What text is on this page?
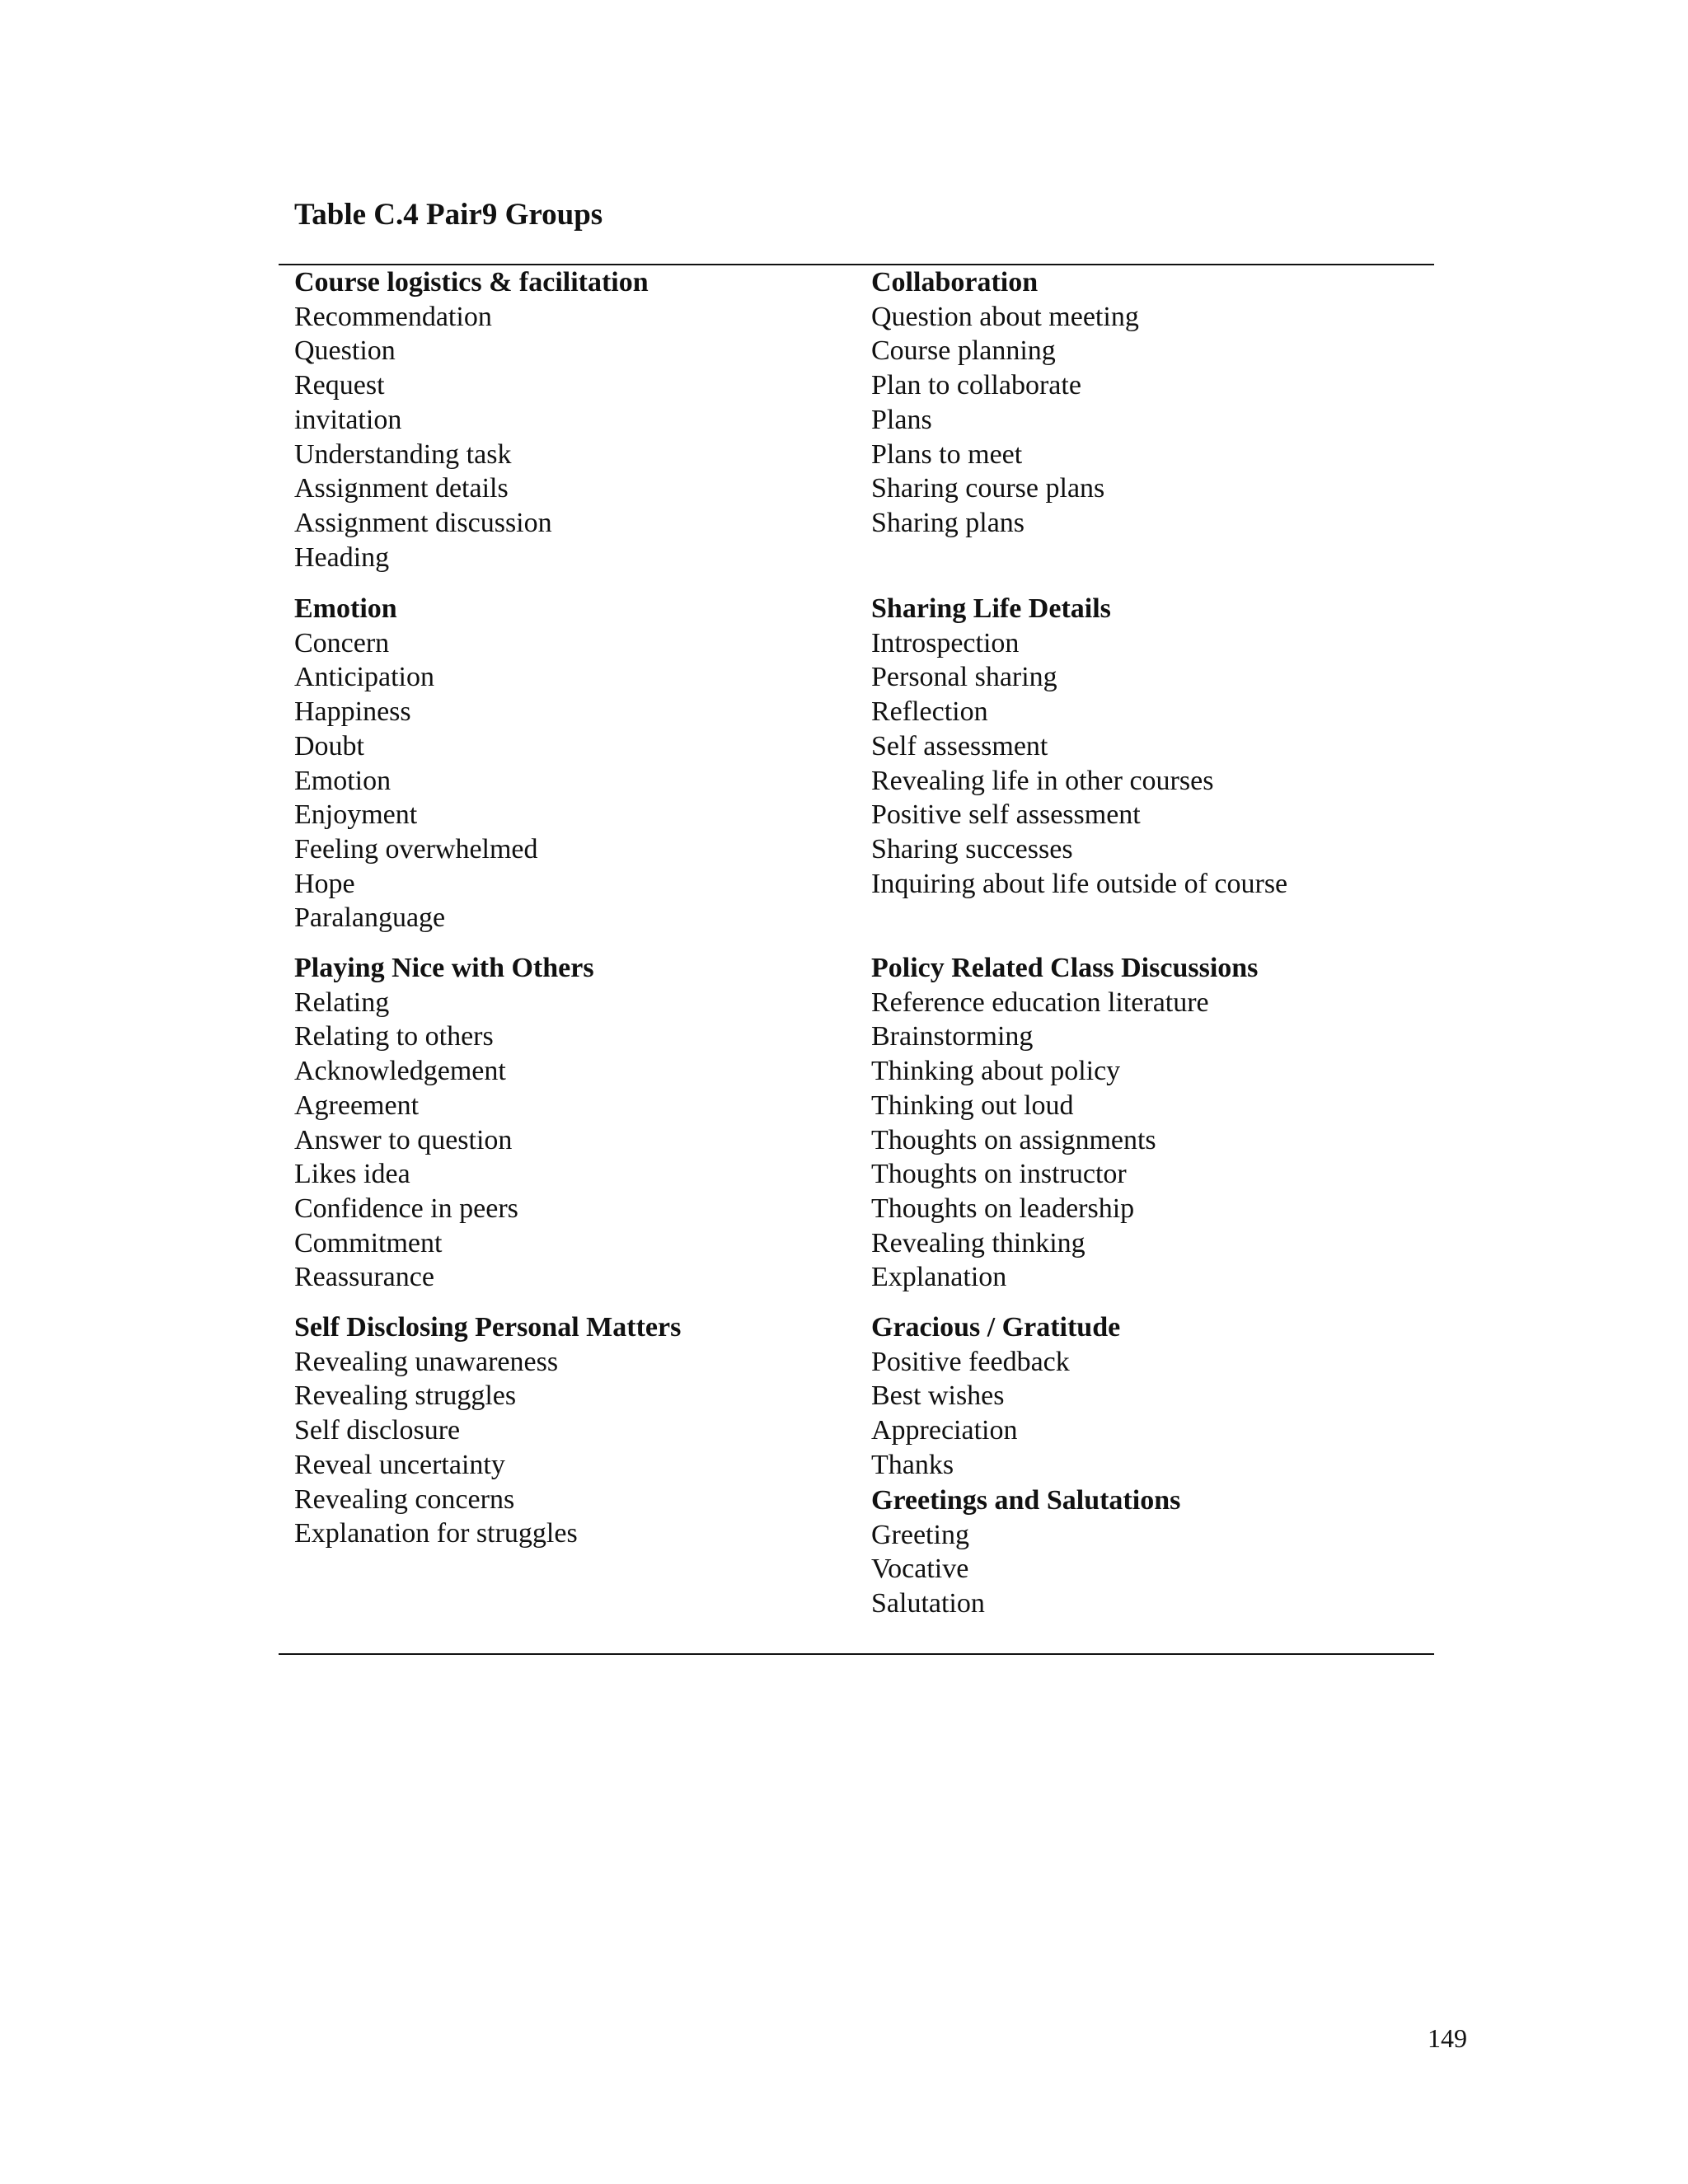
Table C.4 Pair9 Groups
Course logistics & facilitation
Recommendation
Question
Request
invitation
Understanding task
Assignment details
Assignment discussion
Heading
Emotion
Concern
Anticipation
Happiness
Doubt
Emotion
Enjoyment
Feeling overwhelmed
Hope
Paralanguage
Playing Nice with Others
Relating
Relating to others
Acknowledgement
Agreement
Answer to question
Likes idea
Confidence in peers
Commitment
Reassurance
Self Disclosing Personal Matters
Revealing unawareness
Revealing struggles
Self disclosure
Reveal uncertainty
Revealing concerns
Explanation for struggles
Collaboration
Question about meeting
Course planning
Plan to collaborate
Plans
Plans to meet
Sharing course plans
Sharing plans
Sharing Life Details
Introspection
Personal sharing
Reflection
Self assessment
Revealing life in other courses
Positive self assessment
Sharing successes
Inquiring about life outside of course
Policy Related Class Discussions
Reference education literature
Brainstorming
Thinking about policy
Thinking out loud
Thoughts on assignments
Thoughts on instructor
Thoughts on leadership
Revealing thinking
Explanation
Gracious / Gratitude
Positive feedback
Best wishes
Appreciation
Thanks
Greetings and Salutations
Greeting
Vocative
Salutation
149
